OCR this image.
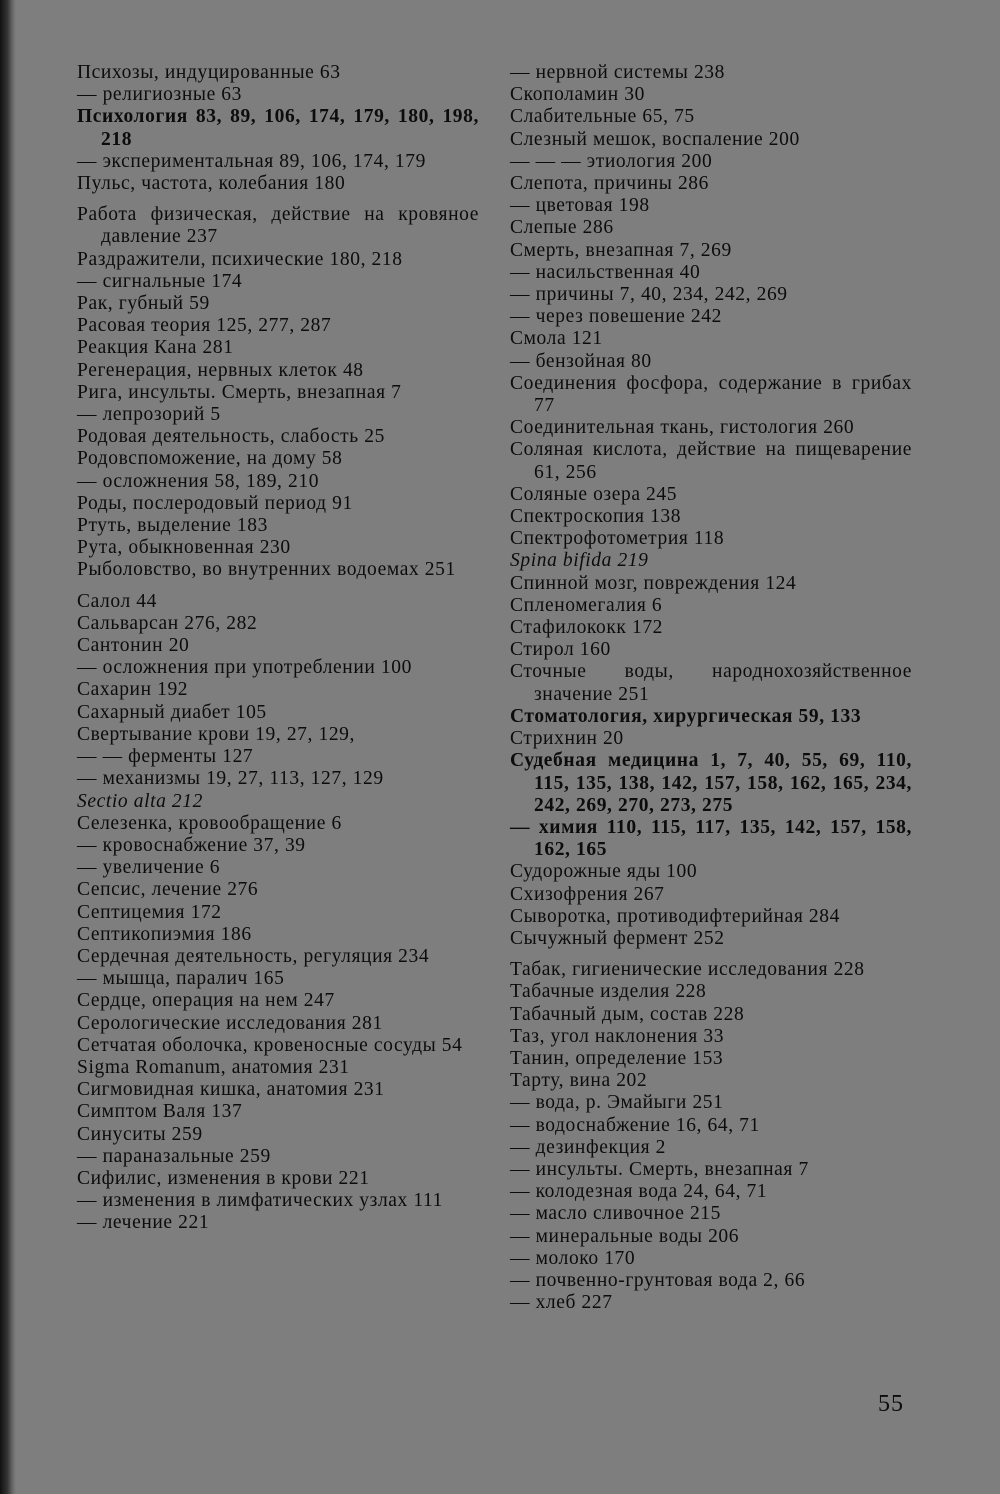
Психозы, индуцированные 63

— религиозные 63

Психология 83, 89, 106, 174, 179, 180, 198, 218

— экспериментальная 89, 106, 174, 179

Пульс, частота, колебания 180

Работа физическая, действие на кровяное давление 237

Раздражители, психические 180, 218

— сигнальные 174

Рак, губный 59

Расовая теория 125, 277, 287

Реакция Кана 281

Регенерация, нервных клеток 48

Рига, инсульты. Смерть, внезапная 7

— лепрозорий 5

Родовая деятельность, слабость 25

Родовспоможение, на дому 58

— осложнения 58, 189, 210

Роды, послеродовый период 91

Ртуть, выделение 183

Рута, обыкновенная 230

Рыболовство, во внутренних водоемах 251

Салол 44

Сальварсан 276, 282

Сантонин 20

— осложнения при употреблении 100

Сахарин 192

Сахарный диабет 105

Свертывание крови 19, 27, 129,

— — ферменты 127

— механизмы 19, 27, 113, 127, 129

Sectio alta 212

Селезенка, кровообращение 6

— кровоснабжение 37, 39

— увеличение 6

Сепсис, лечение 276

Септицемия 172

Септикопиэмия 186

Сердечная деятельность, регуляция 234

— мышца, паралич 165

Сердце, операция на нем 247

Серологические исследования 281

Сетчатая оболочка, кровеносные сосуды 54

Sigma Romanum, анатомия 231

Сигмовидная кишка, анатомия 231

Симптом Валя 137

Синуситы 259

— параназальные 259

Сифилис, изменения в крови 221

— изменения в лимфатических узлах 111

— лечение 221

— нервной системы 238

Скополамин 30

Слабительные 65, 75

Слезный мешок, воспаление 200

— — — этиология 200

Слепота, причины 286

— цветовая 198

Слепые 286

Смерть, внезапная 7, 269

— насильственная 40

— причины 7, 40, 234, 242, 269

— через повешение 242

Смола 121

— бензойная 80

Соединения фосфора, содержание в грибах 77

Соединительная ткань, гистология 260

Соляная кислота, действие на пищеварение 61, 256

Соляные озера 245

Спектроскопия 138

Спектрофотометрия 118

Spina bifida 219

Спинной мозг, повреждения 124

Спленомегалия 6

Стафилококк 172

Стирол 160

Сточные воды, народнохозяйственное значение 251

Стоматология, хирургическая 59, 133

Стрихнин 20

Судебная медицина 1, 7, 40, 55, 69, 110, 115, 135, 138, 142, 157, 158, 162, 165, 234, 242, 269, 270, 273, 275

— химия 110, 115, 117, 135, 142, 157, 158, 162, 165

Судорожные яды 100

Схизофрения 267

Сыворотка, противодифтерийная 284

Сычужный фермент 252

Табак, гигиенические исследования 228

Табачные изделия 228

Табачный дым, состав 228

Таз, угол наклонения 33

Танин, определение 153

Тарту, вина 202

— вода, р. Эмайыги 251

— водоснабжение 16, 64, 71

— дезинфекция 2

— инсульты. Смерть, внезапная 7

— колодезная вода 24, 64, 71

— масло сливочное 215

— минеральные воды 206

— молоко 170

— почвенно-грунтовая вода 2, 66

— хлеб 227

55
